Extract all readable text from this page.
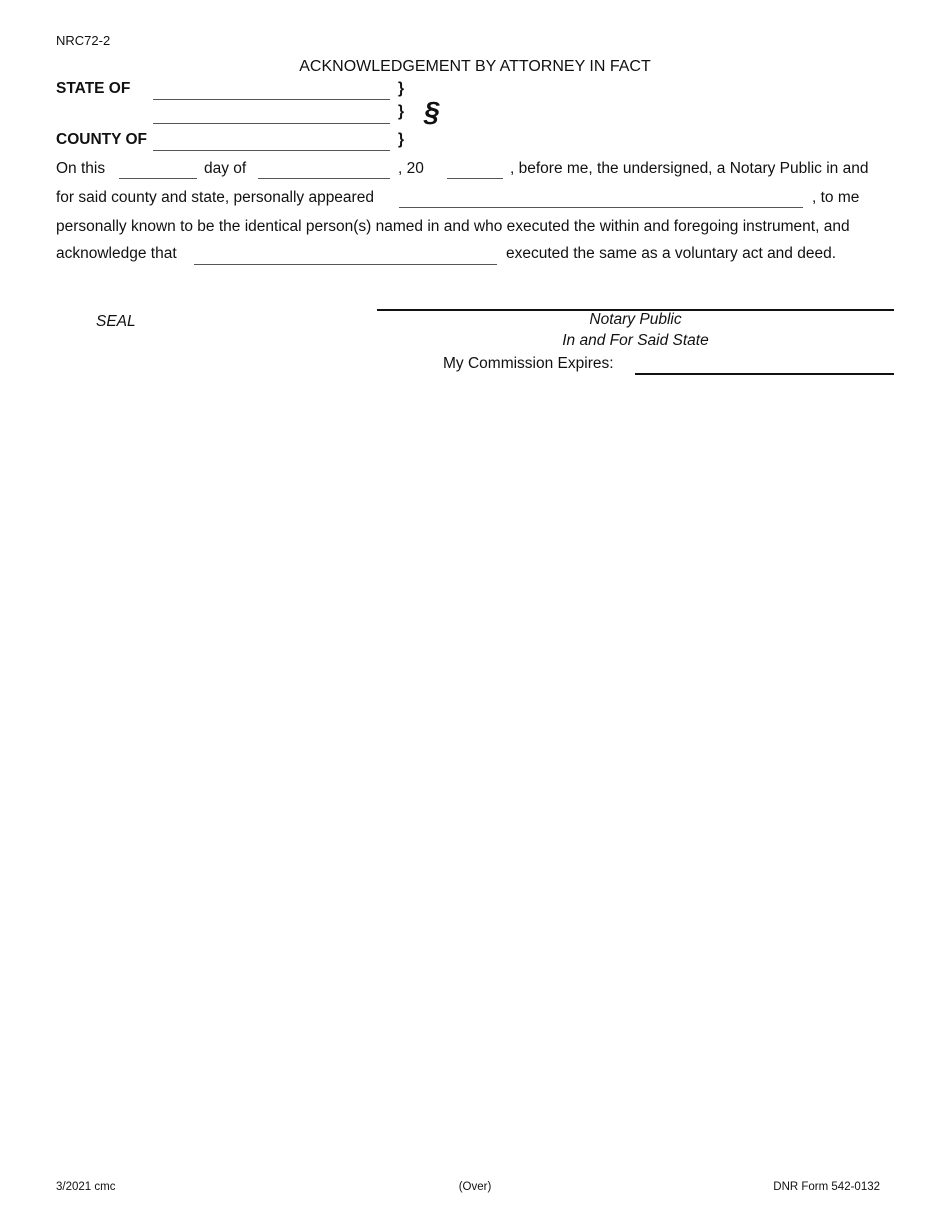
NRC72-2
ACKNOWLEDGEMENT BY ATTORNEY IN FACT
STATE OF	}
} §
COUNTY OF	}
On this	day of	, 20	, before me, the undersigned, a Notary Public in and
for said county and state, personally appeared	, to me
personally known to be the identical person(s) named in and who executed the within and foregoing instrument, and
acknowledge that	executed the same as a voluntary act and deed.
SEAL	Notary Public
In and For Said State
My Commission Expires:
3/2021 cmc	(Over)	DNR Form 542-0132
